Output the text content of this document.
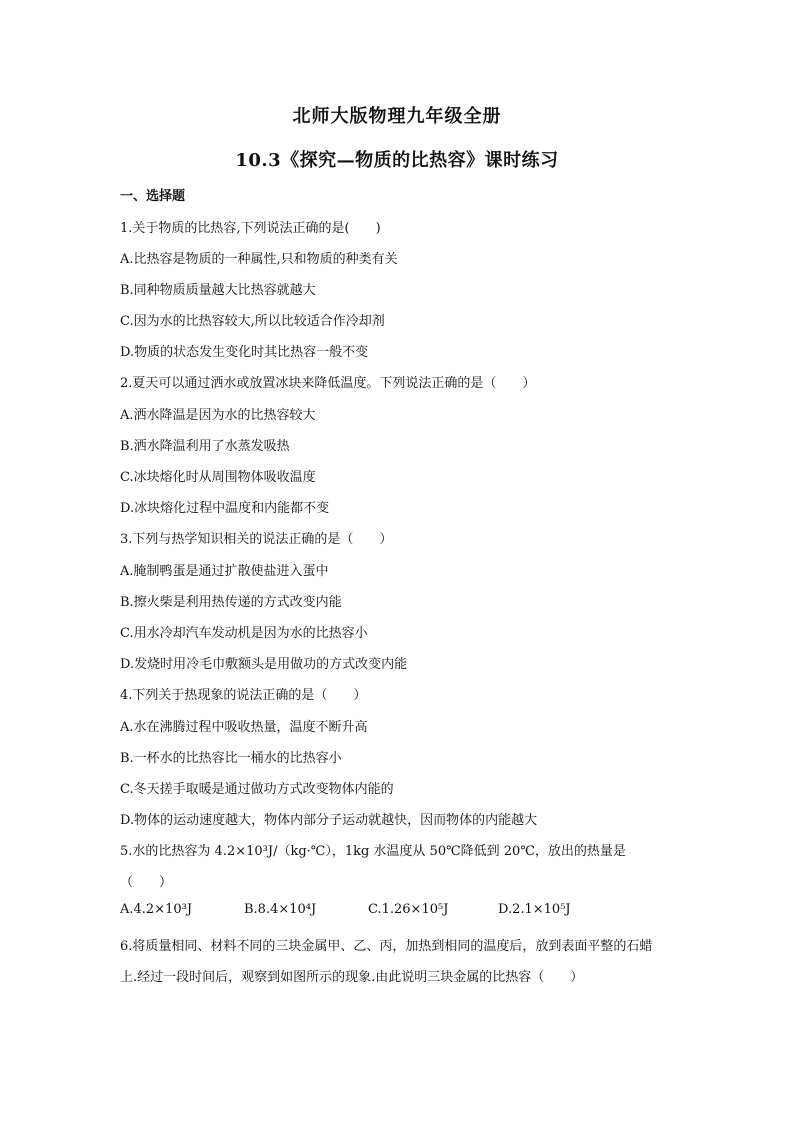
北师大版物理九年级全册
10.3《探究—物质的比热容》课时练习
一、选择题
1.关于物质的比热容,下列说法正确的是(　　)
A.比热容是物质的一种属性,只和物质的种类有关
B.同种物质质量越大比热容就越大
C.因为水的比热容较大,所以比较适合作冷却剂
D.物质的状态发生变化时其比热容一般不变
2.夏天可以通过洒水或放置冰块来降低温度。下列说法正确的是（　　）
A.洒水降温是因为水的比热容较大
B.洒水降温利用了水蒸发吸热
C.冰块熔化时从周围物体吸收温度
D.冰块熔化过程中温度和内能都不变
3.下列与热学知识相关的说法正确的是（　　）
A.腌制鸭蛋是通过扩散使盐进入蛋中
B.擦火柴是利用热传递的方式改变内能
C.用水冷却汽车发动机是因为水的比热容小
D.发烧时用冷毛巾敷额头是用做功的方式改变内能
4.下列关于热现象的说法正确的是（　　）
A.水在沸腾过程中吸收热量，温度不断升高
B.一杯水的比热容比一桶水的比热容小
C.冬天搓手取暖是通过做功方式改变物体内能的
D.物体的运动速度越大，物体内部分子运动就越快，因而物体的内能越大
5.水的比热容为 4.2×10³J/（kg·℃），1kg 水温度从 50℃降低到 20℃，放出的热量是
（　　）
A.4.2×10³J	B.8.4×10⁴J	C.1.26×10⁵J	D.2.1×10⁵J
6.将质量相同、材料不同的三块金属甲、乙、丙，加热到相同的温度后，放到表面平整的石蜡
上.经过一段时间后，观察到如图所示的现象.由此说明三块金属的比热容（　　）
